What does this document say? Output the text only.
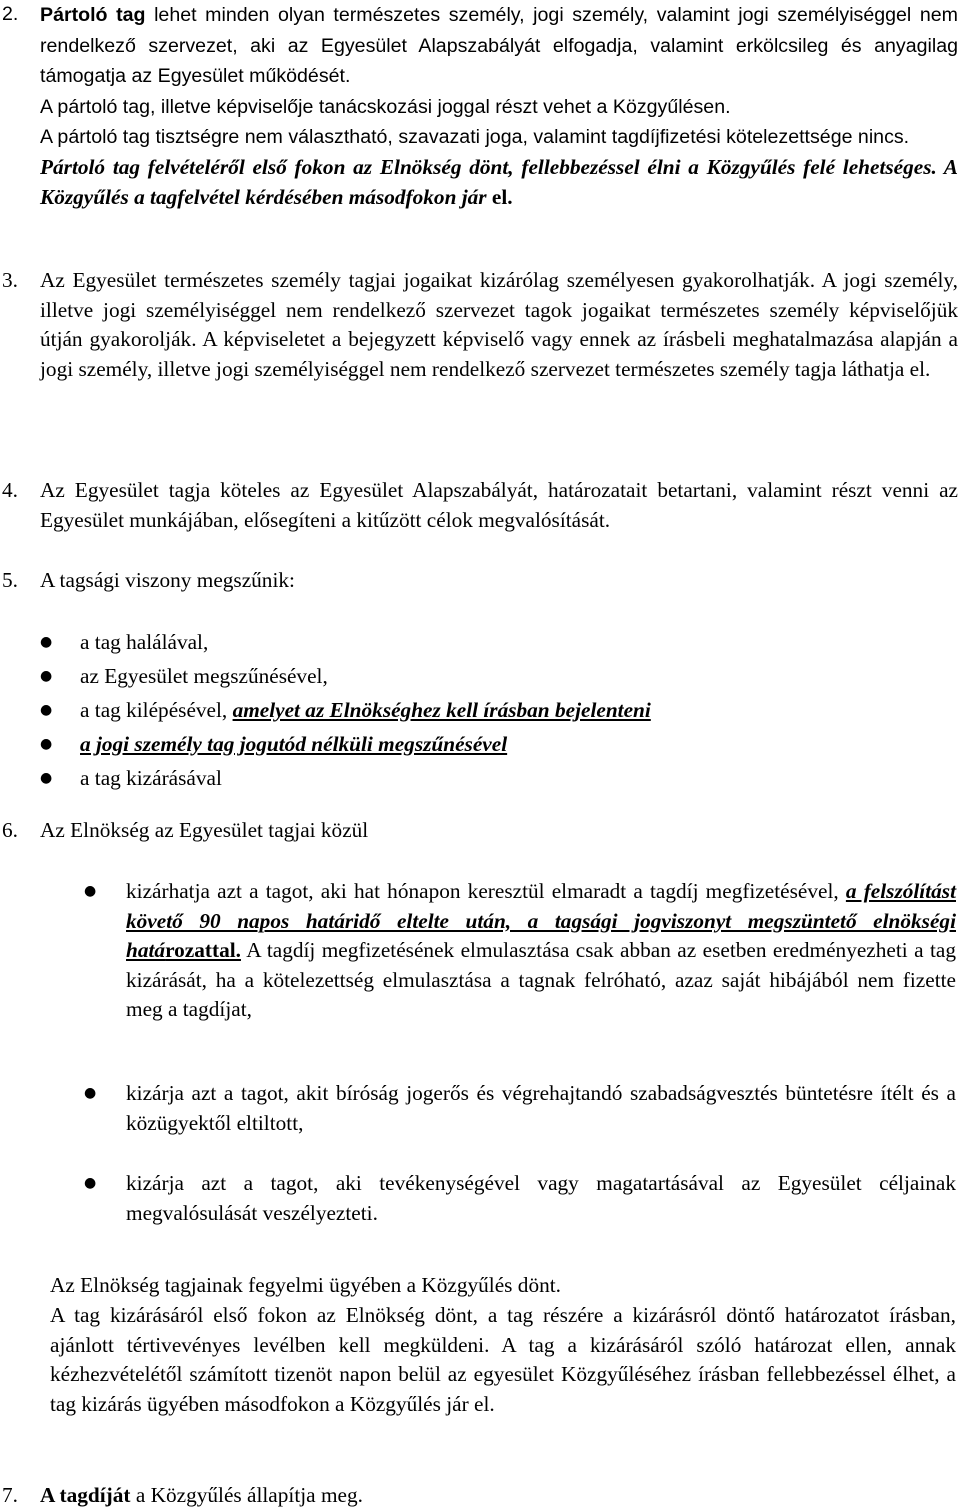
2. Pártoló tag lehet minden olyan természetes személy, jogi személy, valamint jogi személyiséggel nem rendelkező szervezet, aki az Egyesület Alapszabályát elfogadja, valamint erkölcsileg és anyagilag támogatja az Egyesület működését.
A pártoló tag, illetve képviselője tanácskozási joggal részt vehet a Közgyűlésen.
A pártoló tag tisztségre nem választható, szavazati joga, valamint tagdíjfizetési kötelezettsége nincs.
Pártoló tag felvételéről első fokon az Elnökség dönt, fellebbezéssel élni a Közgyűlés felé lehetséges. A Közgyűlés a tagfelvétel kérdésében másodfokon jár el.
3. Az Egyesület természetes személy tagjai jogaikat kizárólag személyesen gyakorolhatják. A jogi személy, illetve jogi személyiséggel nem rendelkező szervezet tagok jogaikat természetes személy képviselőjük útján gyakorolják. A képviseletet a bejegyzett képviselő vagy ennek az írásbeli meghatalmazása alapján a jogi személy, illetve jogi személyiséggel nem rendelkező szervezet természetes személy tagja láthatja el.
4. Az Egyesület tagja köteles az Egyesület Alapszabályát, határozatait betartani, valamint részt venni az Egyesület munkájában, elősegíteni a kitűzött célok megvalósítását.
5. A tagsági viszony megszűnik:
● a tag halálával,
● az Egyesület megszűnésével,
● a tag kilépésével, amelyet az Elnökséghez kell írásban bejelenteni
● a jogi személy tag jogutód nélküli megszűnésével
● a tag kizárásával
6. Az Elnökség az Egyesület tagjai közül
● kizárhatja azt a tagot, aki hat hónapon keresztül elmaradt a tagdíj megfizetésével, a felszólítást követő 90 napos határidő eltelte után, a tagsági jogviszonyt megszüntető elnökségi határozattal. A tagdíj megfizetésének elmulasztása csak abban az esetben eredményezheti a tag kizárását, ha a kötelezettség elmulasztása a tagnak felróható, azaz saját hibájából nem fizette meg a tagdíjat,
● kizárja azt a tagot, akit bíróság jogerős és végrehajtandó szabadságvesztés büntetésre ítélt és a közügyektől eltiltott,
● kizárja azt a tagot, aki tevékenységével vagy magatartásával az Egyesület céljainak megvalósulását veszélyezteti.
Az Elnökség tagjainak fegyelmi ügyében a Közgyűlés dönt.
A tag kizárásáról első fokon az Elnökség dönt, a tag részére a kizárásról döntő határozatot írásban, ajánlott tértivevényes levélben kell megküldeni. A tag a kizárásáról szóló határozat ellen, annak kézhezvételétől számított tizenöt napon belül az egyesület Közgyűléséhez írásban fellebbezéssel élhet, a tag kizárás ügyében másodfokon a Közgyűlés jár el.
7. A tagdíját a Közgyűlés állapítja meg.
